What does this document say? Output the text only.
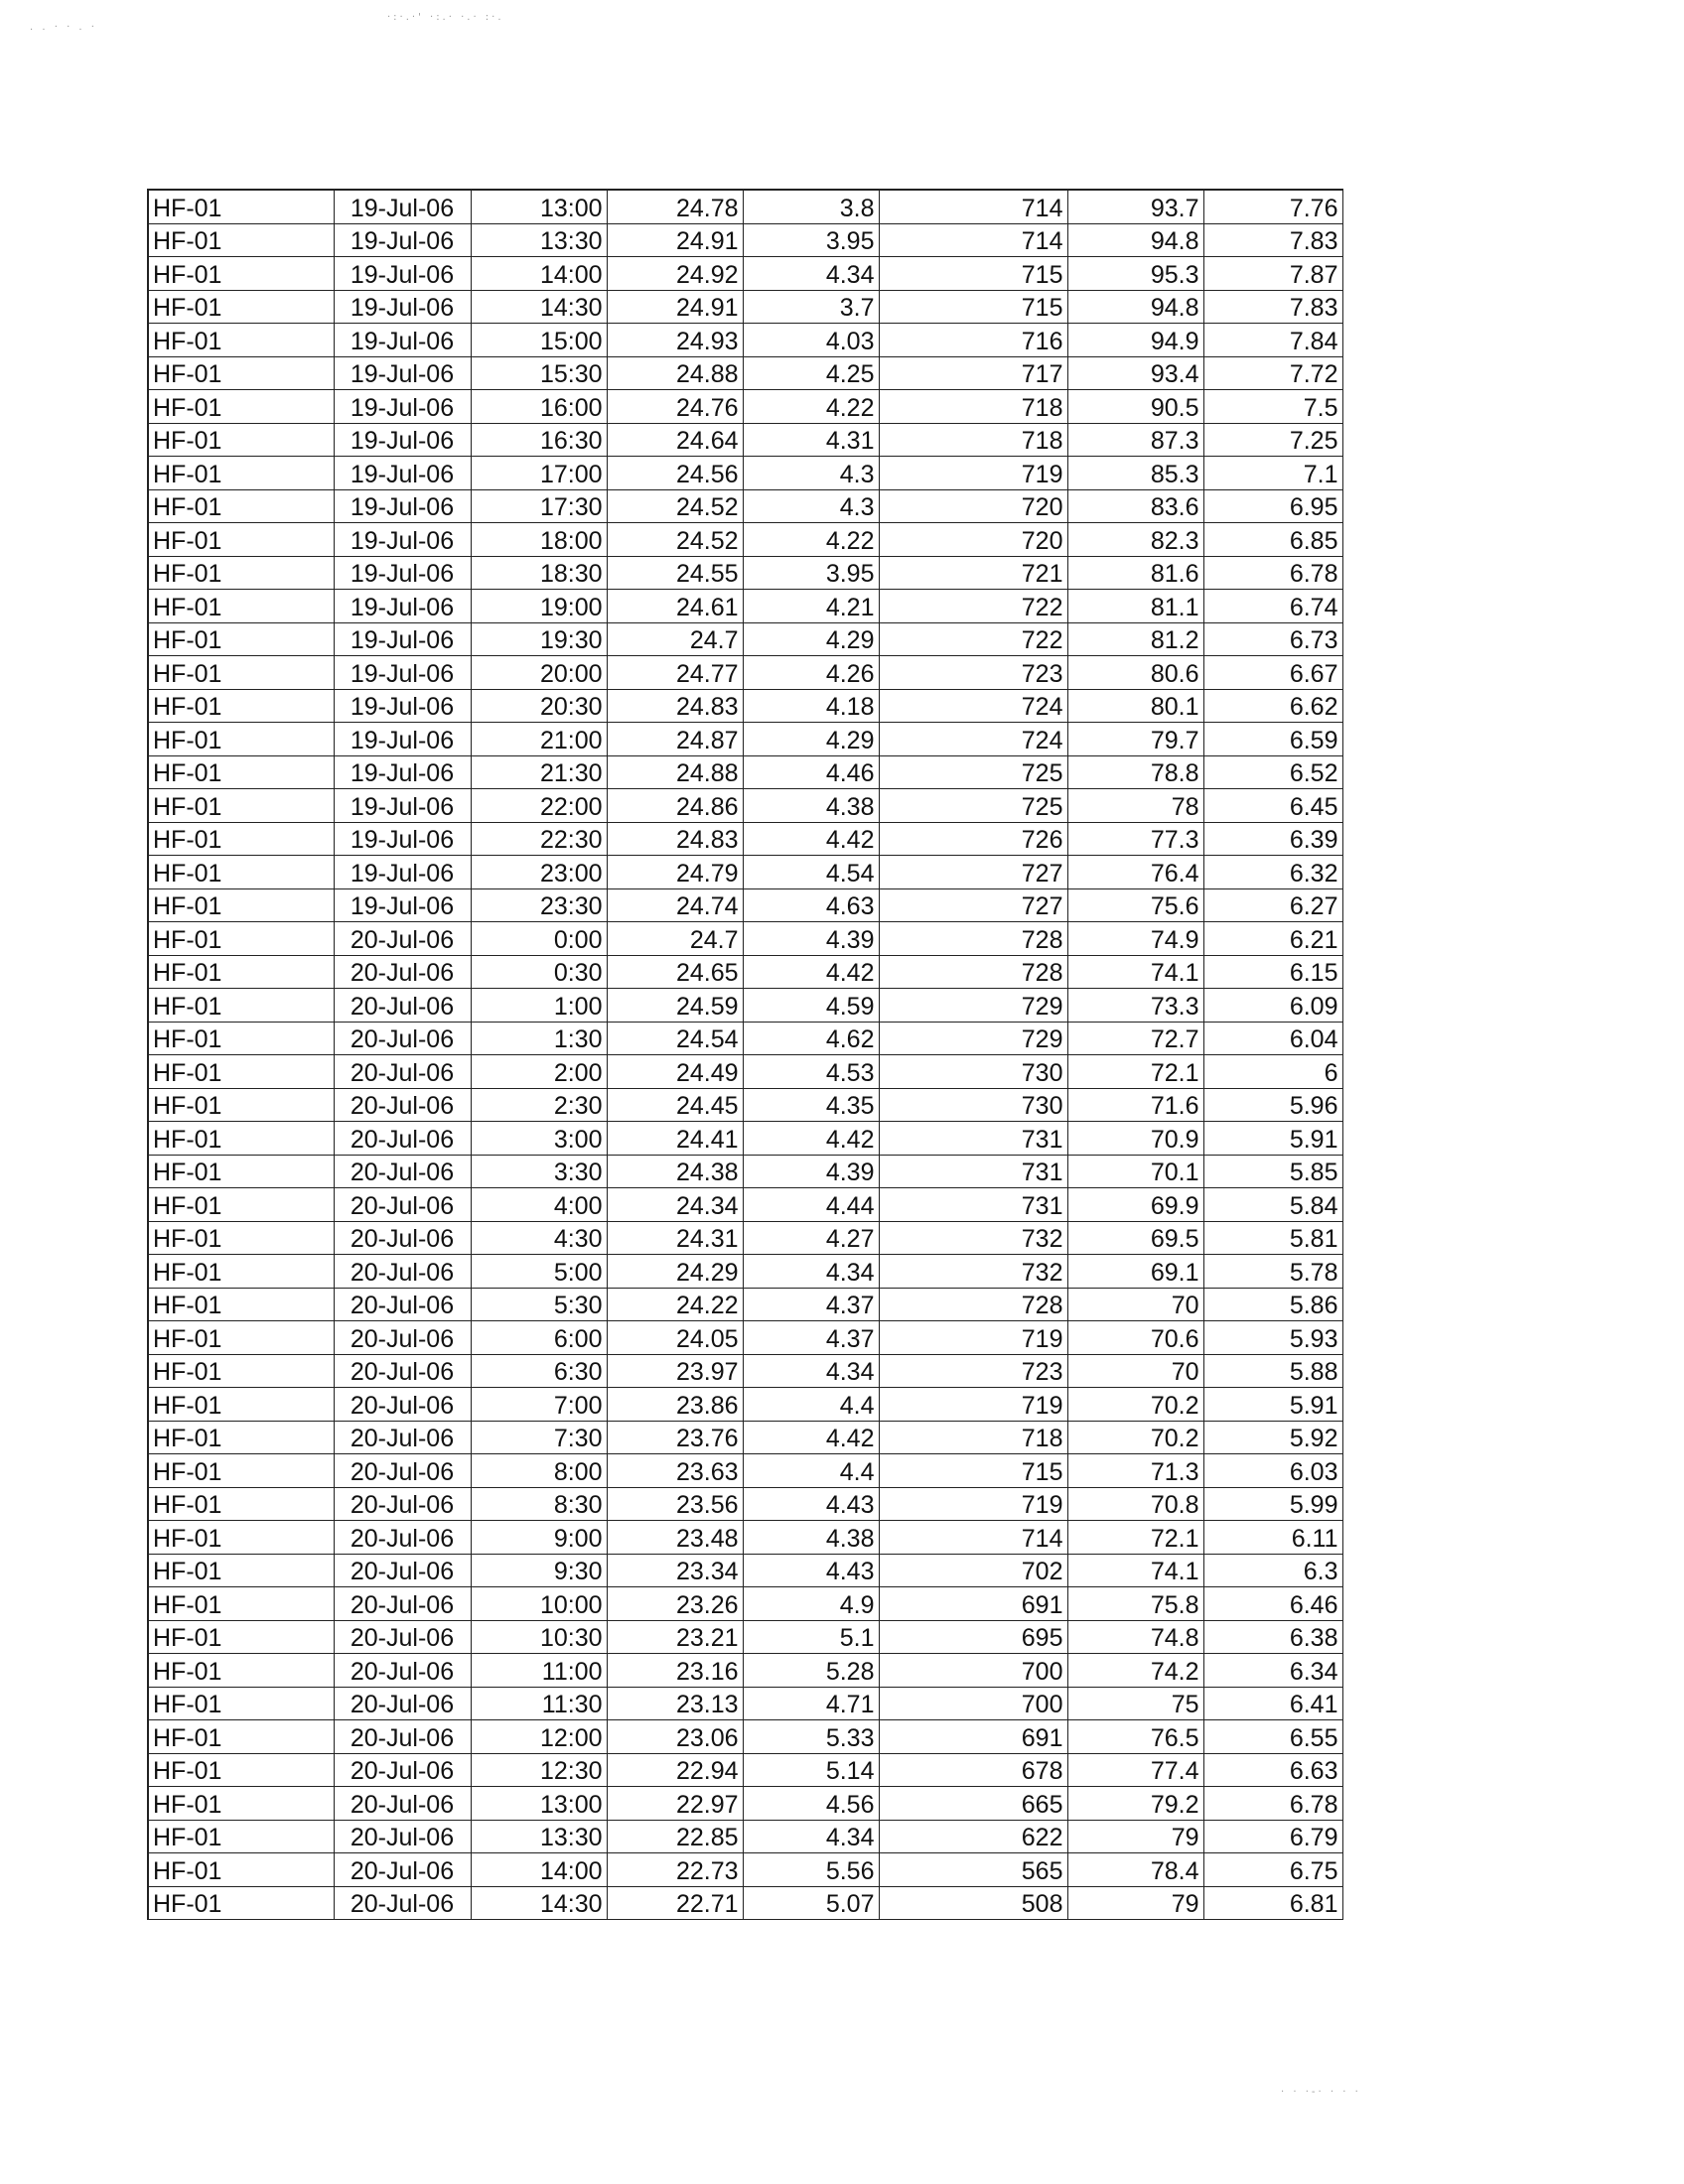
. . · · . ·
·:·.·' ·:.· ·.· :·.
· · ·-· · · ·
HF-01	19-Jul-06	13:00	24.78	3.8	714	93.7	7.76
HF-01	19-Jul-06	13:30	24.91	3.95	714	94.8	7.83
HF-01	19-Jul-06	14:00	24.92	4.34	715	95.3	7.87
HF-01	19-Jul-06	14:30	24.91	3.7	715	94.8	7.83
HF-01	19-Jul-06	15:00	24.93	4.03	716	94.9	7.84
HF-01	19-Jul-06	15:30	24.88	4.25	717	93.4	7.72
HF-01	19-Jul-06	16:00	24.76	4.22	718	90.5	7.5
HF-01	19-Jul-06	16:30	24.64	4.31	718	87.3	7.25
HF-01	19-Jul-06	17:00	24.56	4.3	719	85.3	7.1
HF-01	19-Jul-06	17:30	24.52	4.3	720	83.6	6.95
HF-01	19-Jul-06	18:00	24.52	4.22	720	82.3	6.85
HF-01	19-Jul-06	18:30	24.55	3.95	721	81.6	6.78
HF-01	19-Jul-06	19:00	24.61	4.21	722	81.1	6.74
HF-01	19-Jul-06	19:30	24.7	4.29	722	81.2	6.73
HF-01	19-Jul-06	20:00	24.77	4.26	723	80.6	6.67
HF-01	19-Jul-06	20:30	24.83	4.18	724	80.1	6.62
HF-01	19-Jul-06	21:00	24.87	4.29	724	79.7	6.59
HF-01	19-Jul-06	21:30	24.88	4.46	725	78.8	6.52
HF-01	19-Jul-06	22:00	24.86	4.38	725	78	6.45
HF-01	19-Jul-06	22:30	24.83	4.42	726	77.3	6.39
HF-01	19-Jul-06	23:00	24.79	4.54	727	76.4	6.32
HF-01	19-Jul-06	23:30	24.74	4.63	727	75.6	6.27
HF-01	20-Jul-06	0:00	24.7	4.39	728	74.9	6.21
HF-01	20-Jul-06	0:30	24.65	4.42	728	74.1	6.15
HF-01	20-Jul-06	1:00	24.59	4.59	729	73.3	6.09
HF-01	20-Jul-06	1:30	24.54	4.62	729	72.7	6.04
HF-01	20-Jul-06	2:00	24.49	4.53	730	72.1	6
HF-01	20-Jul-06	2:30	24.45	4.35	730	71.6	5.96
HF-01	20-Jul-06	3:00	24.41	4.42	731	70.9	5.91
HF-01	20-Jul-06	3:30	24.38	4.39	731	70.1	5.85
HF-01	20-Jul-06	4:00	24.34	4.44	731	69.9	5.84
HF-01	20-Jul-06	4:30	24.31	4.27	732	69.5	5.81
HF-01	20-Jul-06	5:00	24.29	4.34	732	69.1	5.78
HF-01	20-Jul-06	5:30	24.22	4.37	728	70	5.86
HF-01	20-Jul-06	6:00	24.05	4.37	719	70.6	5.93
HF-01	20-Jul-06	6:30	23.97	4.34	723	70	5.88
HF-01	20-Jul-06	7:00	23.86	4.4	719	70.2	5.91
HF-01	20-Jul-06	7:30	23.76	4.42	718	70.2	5.92
HF-01	20-Jul-06	8:00	23.63	4.4	715	71.3	6.03
HF-01	20-Jul-06	8:30	23.56	4.43	719	70.8	5.99
HF-01	20-Jul-06	9:00	23.48	4.38	714	72.1	6.11
HF-01	20-Jul-06	9:30	23.34	4.43	702	74.1	6.3
HF-01	20-Jul-06	10:00	23.26	4.9	691	75.8	6.46
HF-01	20-Jul-06	10:30	23.21	5.1	695	74.8	6.38
HF-01	20-Jul-06	11:00	23.16	5.28	700	74.2	6.34
HF-01	20-Jul-06	11:30	23.13	4.71	700	75	6.41
HF-01	20-Jul-06	12:00	23.06	5.33	691	76.5	6.55
HF-01	20-Jul-06	12:30	22.94	5.14	678	77.4	6.63
HF-01	20-Jul-06	13:00	22.97	4.56	665	79.2	6.78
HF-01	20-Jul-06	13:30	22.85	4.34	622	79	6.79
HF-01	20-Jul-06	14:00	22.73	5.56	565	78.4	6.75
HF-01	20-Jul-06	14:30	22.71	5.07	508	79	6.81
